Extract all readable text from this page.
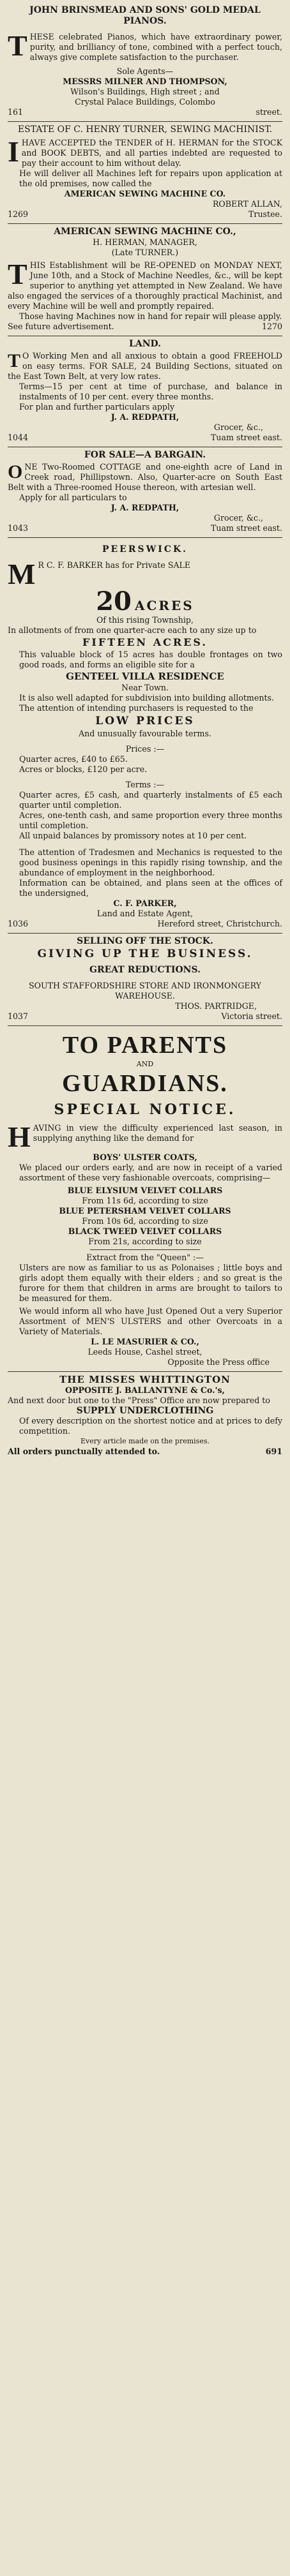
JOHN BRINSMEAD AND SONS' GOLD MEDAL PIANOS.

T HESE celebrated Pianos, which have extraordinary power, purity, and brilliancy of tone, combined with a perfect touch, always give complete satisfaction to the purchaser.

Sole Agents—

MESSRS MILNER AND THOMPSON,

Wilson's Buildings, High street ; and

Crystal Palace Buildings, Colombo

161	street.

ESTATE OF C. HENRY TURNER, SEWING MACHINIST.

I HAVE ACCEPTED the TENDER of H. HERMAN for the STOCK and BOOK DEBTS, and all parties indebted are requested to pay their account to him without delay.

He will deliver all Machines left for repairs upon application at the old premises, now called the

AMERICAN SEWING MACHINE CO.

ROBERT ALLAN,

1269	Trustee.

AMERICAN SEWING MACHINE CO.,

H. HERMAN, MANAGER,

(Late TURNER.)

T HIS Establishment will be RE-OPENED on MONDAY NEXT, June 10th, and a Stock of Machine Needles, &c., will be kept superior to anything yet attempted in New Zealand. We have also engaged the services of a thoroughly practical Machinist, and every Machine will be well and promptly repaired.

Those having Machines now in hand for repair will please apply.

See future advertisement.	1270

LAND.

T O Working Men and all anxious to obtain a good FREEHOLD on easy terms. FOR SALE, 24 Building Sections, situated on the East Town Belt, at very low rates.

Terms—15 per cent at time of purchase, and balance in instalments of 10 per cent. every three months.

For plan and further particulars apply

J. A. REDPATH,

Grocer, &c.,

1044	Tuam street east.

FOR SALE—A BARGAIN.

O NE Two-Roomed COTTAGE and one-eighth acre of Land in Creek road, Phillipstown. Also, Quarter-acre on South East Belt with a Three-roomed House thereon, with artesian well.

Apply for all particulars to

J. A. REDPATH,

Grocer, &c.,

1043	Tuam street east.

PEERSWICK.

M R C. F. BARKER has for Private SALE

20 ACRES

Of this rising Township,

In allotments of from one quarter-acre each to any size up to

FIFTEEN ACRES.

This valuable block of 15 acres has double frontages on two good roads, and forms an eligible site for a

GENTEEL VILLA RESIDENCE

Near Town.

It is also well adapted for subdivision into building allotments.

The attention of intending purchasers is requested to the

LOW PRICES

And unusually favourable terms.

Prices :—

Quarter acres, £40 to £65.

Acres or blocks, £120 per acre.

Terms :—

Quarter acres, £5 cash, and quarterly instalments of £5 each quarter until completion.

Acres, one-tenth cash, and same proportion every three months until completion.

All unpaid balances by promissory notes at 10 per cent.

The attention of Tradesmen and Mechanics is requested to the good business openings in this rapidly rising township, and the abundance of employment in the neighborhood.

Information can be obtained, and plans seen at the offices of the undersigned,

C. F. PARKER,

Land and Estate Agent,

1036	Hereford street, Christchurch.

SELLING OFF THE STOCK.

GIVING UP THE BUSINESS.

GREAT REDUCTIONS.

SOUTH STAFFORDSHIRE STORE AND IRONMONGERY WAREHOUSE.

THOS. PARTRIDGE,

1037	Victoria street.

TO PARENTS

AND

GUARDIANS.

SPECIAL NOTICE.

H AVING in view the difficulty experienced last season, in supplying anything like the demand for

BOYS' ULSTER COATS,

We placed our orders early, and are now in receipt of a varied assortment of these very fashionable overcoats, comprising—

BLUE ELYSIUM VELVET COLLARS

From 11s 6d, according to size

BLUE PETERSHAM VELVET COLLARS

From 10s 6d, according to size

BLACK TWEED VELVET COLLARS

From 21s, according to size

Extract from the "Queen" :—

Ulsters are now as familiar to us as Polonaises ; little boys and girls adopt them equally with their elders ; and so great is the furore for them that children in arms are brought to tailors to be measured for them.

We would inform all who have Just Opened Out a very Superior Assortment of MEN'S ULSTERS and other Overcoats in a Variety of Materials.

L. LE MASURIER & CO.,

Leeds House, Cashel street,

Opposite the Press office

THE MISSES WHITTINGTON

OPPOSITE J. BALLANTYNE & Co.'s,

And next door but one to the "Press" Office are now prepared to

SUPPLY UNDERCLOTHING

Of every description on the shortest notice and at prices to defy competition.

Every article made on the premises.

All orders punctually attended to.	691
